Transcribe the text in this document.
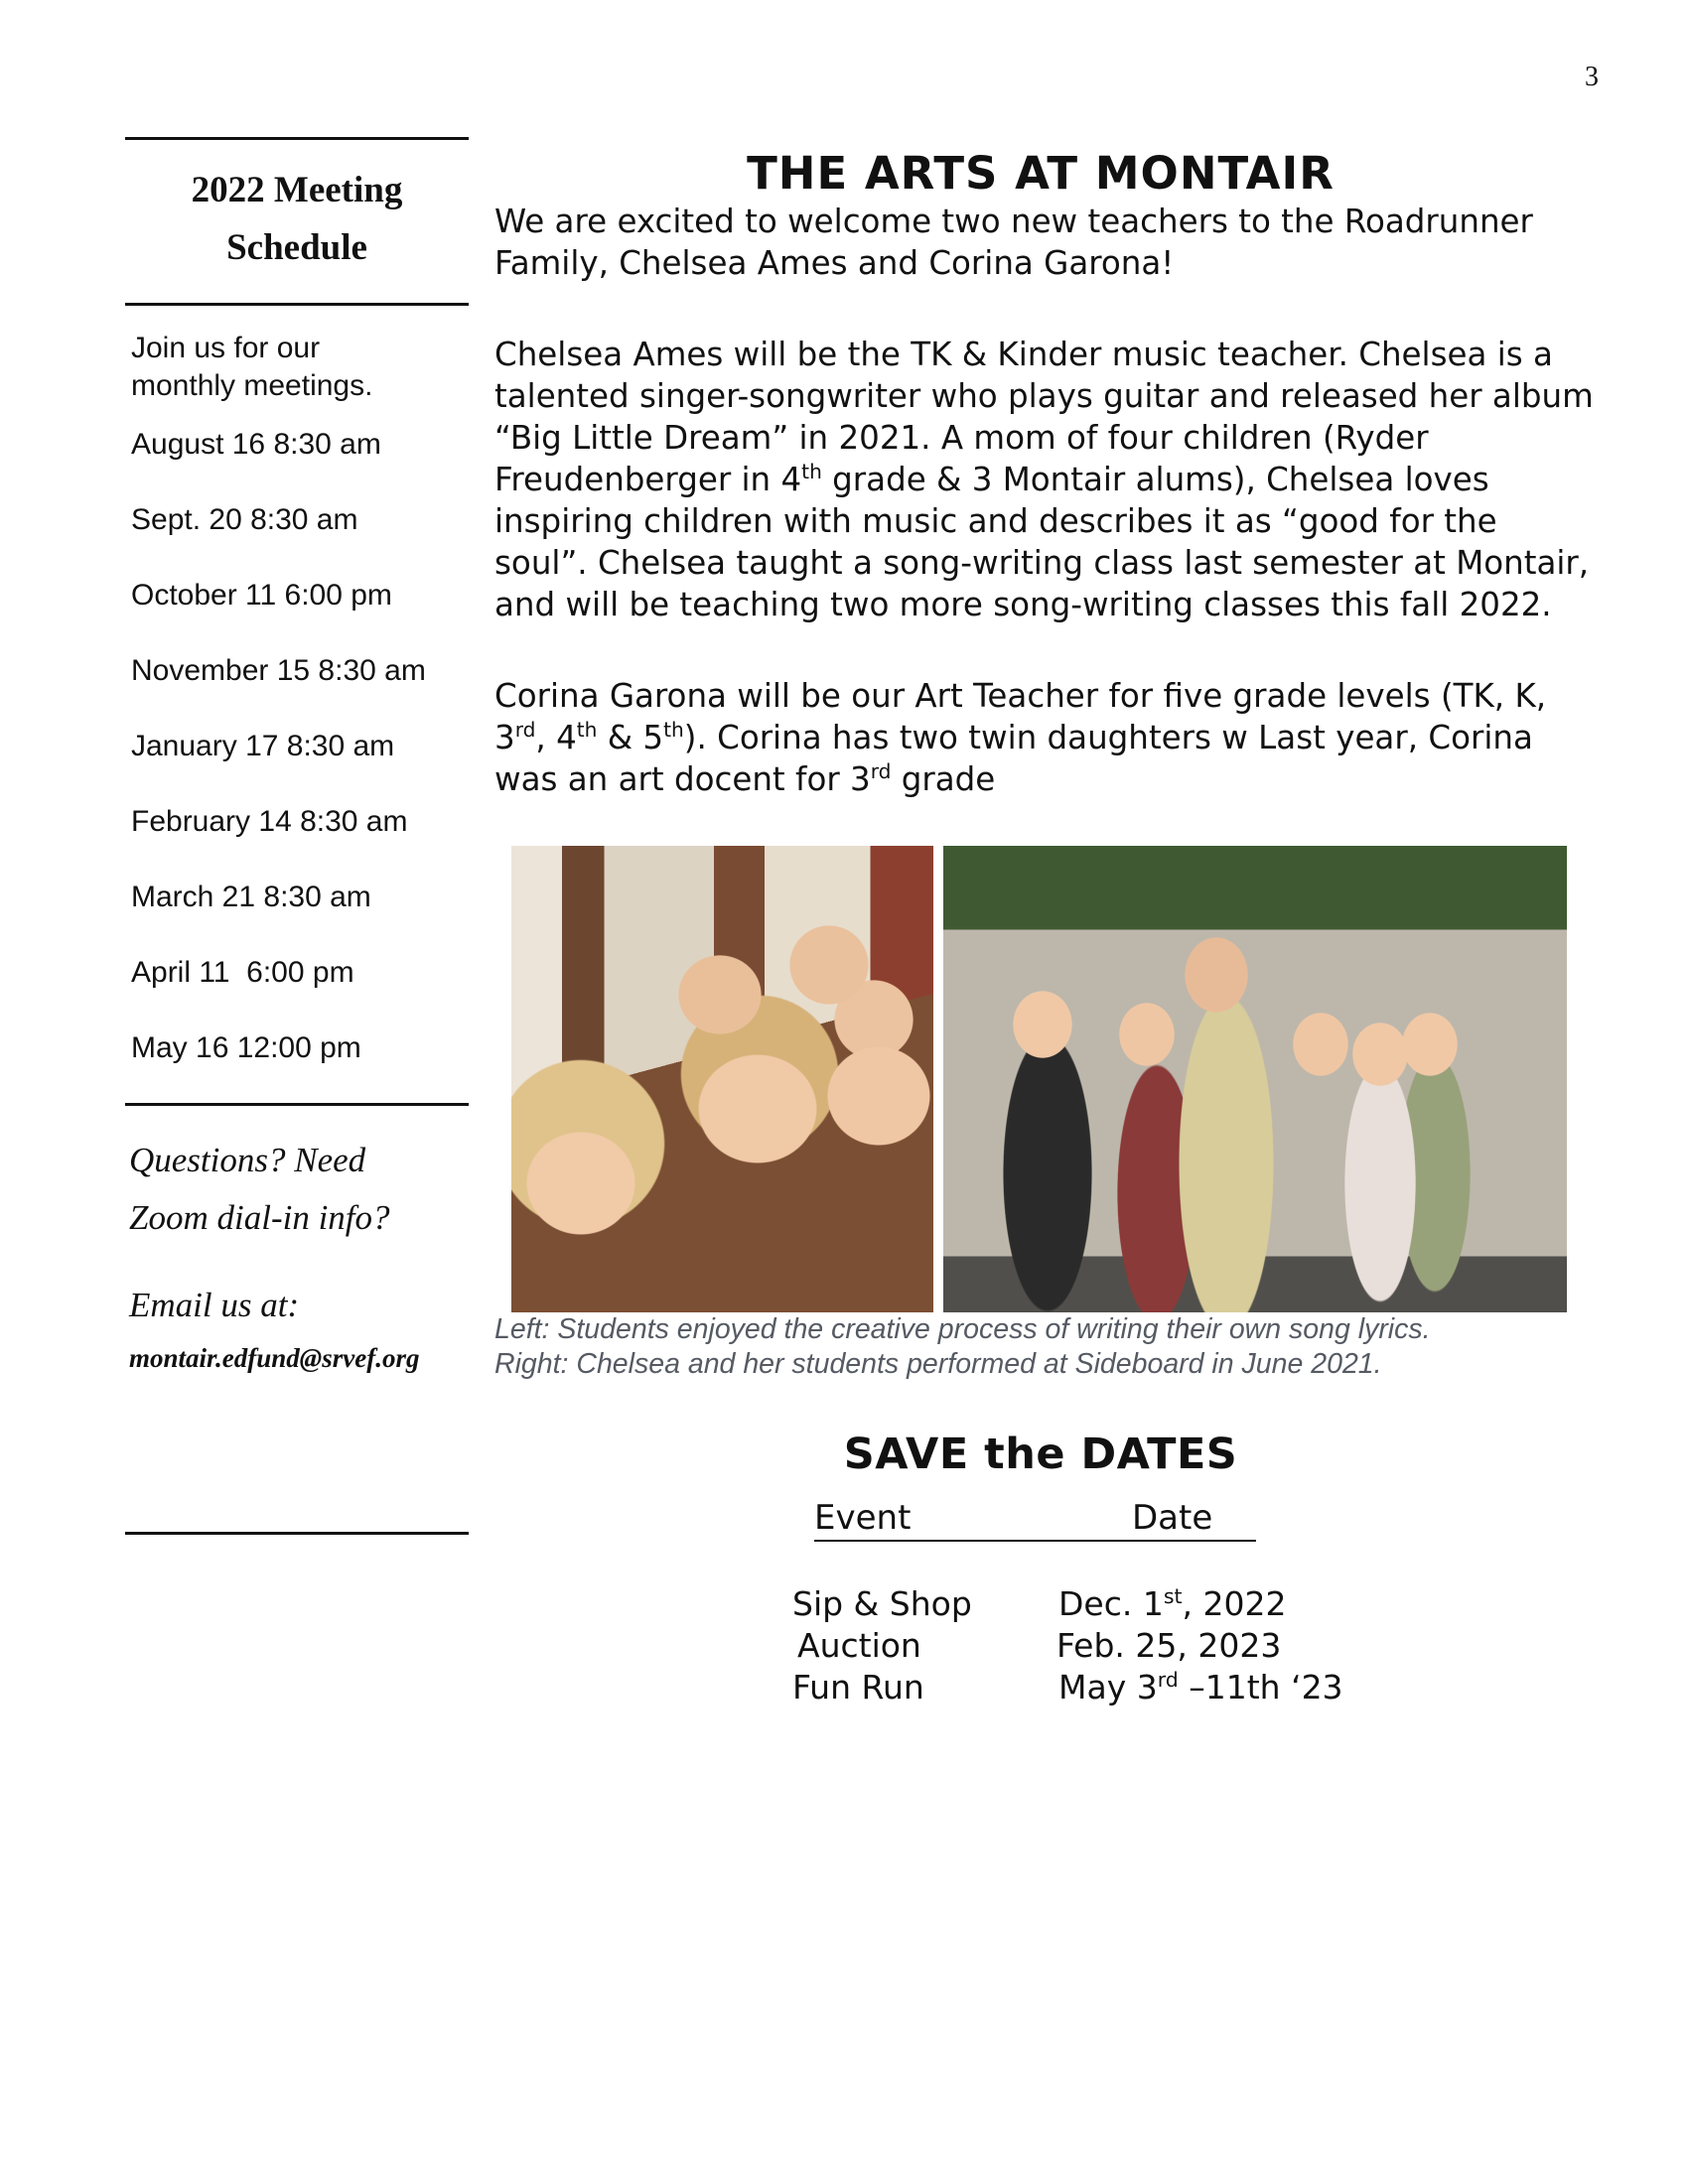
3
2022 Meeting
Schedule
Join us for our
monthly meetings.
August 16 8:30 am
Sept. 20 8:30 am
October 11 6:00 pm
November 15 8:30 am
January 17 8:30 am
February 14 8:30 am
March 21 8:30 am
April 11  6:00 pm
May 16 12:00 pm
Questions? Need
Zoom dial-in info?
Email us at:
montair.edfund@srvef.org
THE ARTS AT MONTAIR
We are excited to welcome two new teachers to the Roadrunner
Family, Chelsea Ames and Corina Garona!
Chelsea Ames will be the TK & Kinder music teacher. Chelsea is a
talented singer-songwriter who plays guitar and released her album
“Big Little Dream” in 2021. A mom of four children (Ryder
Freudenberger in 4th grade & 3 Montair alums), Chelsea loves
inspiring children with music and describes it as “good for the
soul”. Chelsea taught a song-writing class last semester at Montair,
and will be teaching two more song-writing classes this fall 2022.
Corina Garona will be our Art Teacher for five grade levels (TK, K,
3rd, 4th & 5th). Corina has two twin daughters w Last year, Corina
was an art docent for 3rd grade
Left: Students enjoyed the creative process of writing their own song lyrics.
Right: Chelsea and her students performed at Sideboard in June 2021.
SAVE the DATES
Event	Date
Sip & Shop	Dec. 1st, 2022
Auction	Feb. 25, 2023
Fun Run	May 3rd –11th ‘23
